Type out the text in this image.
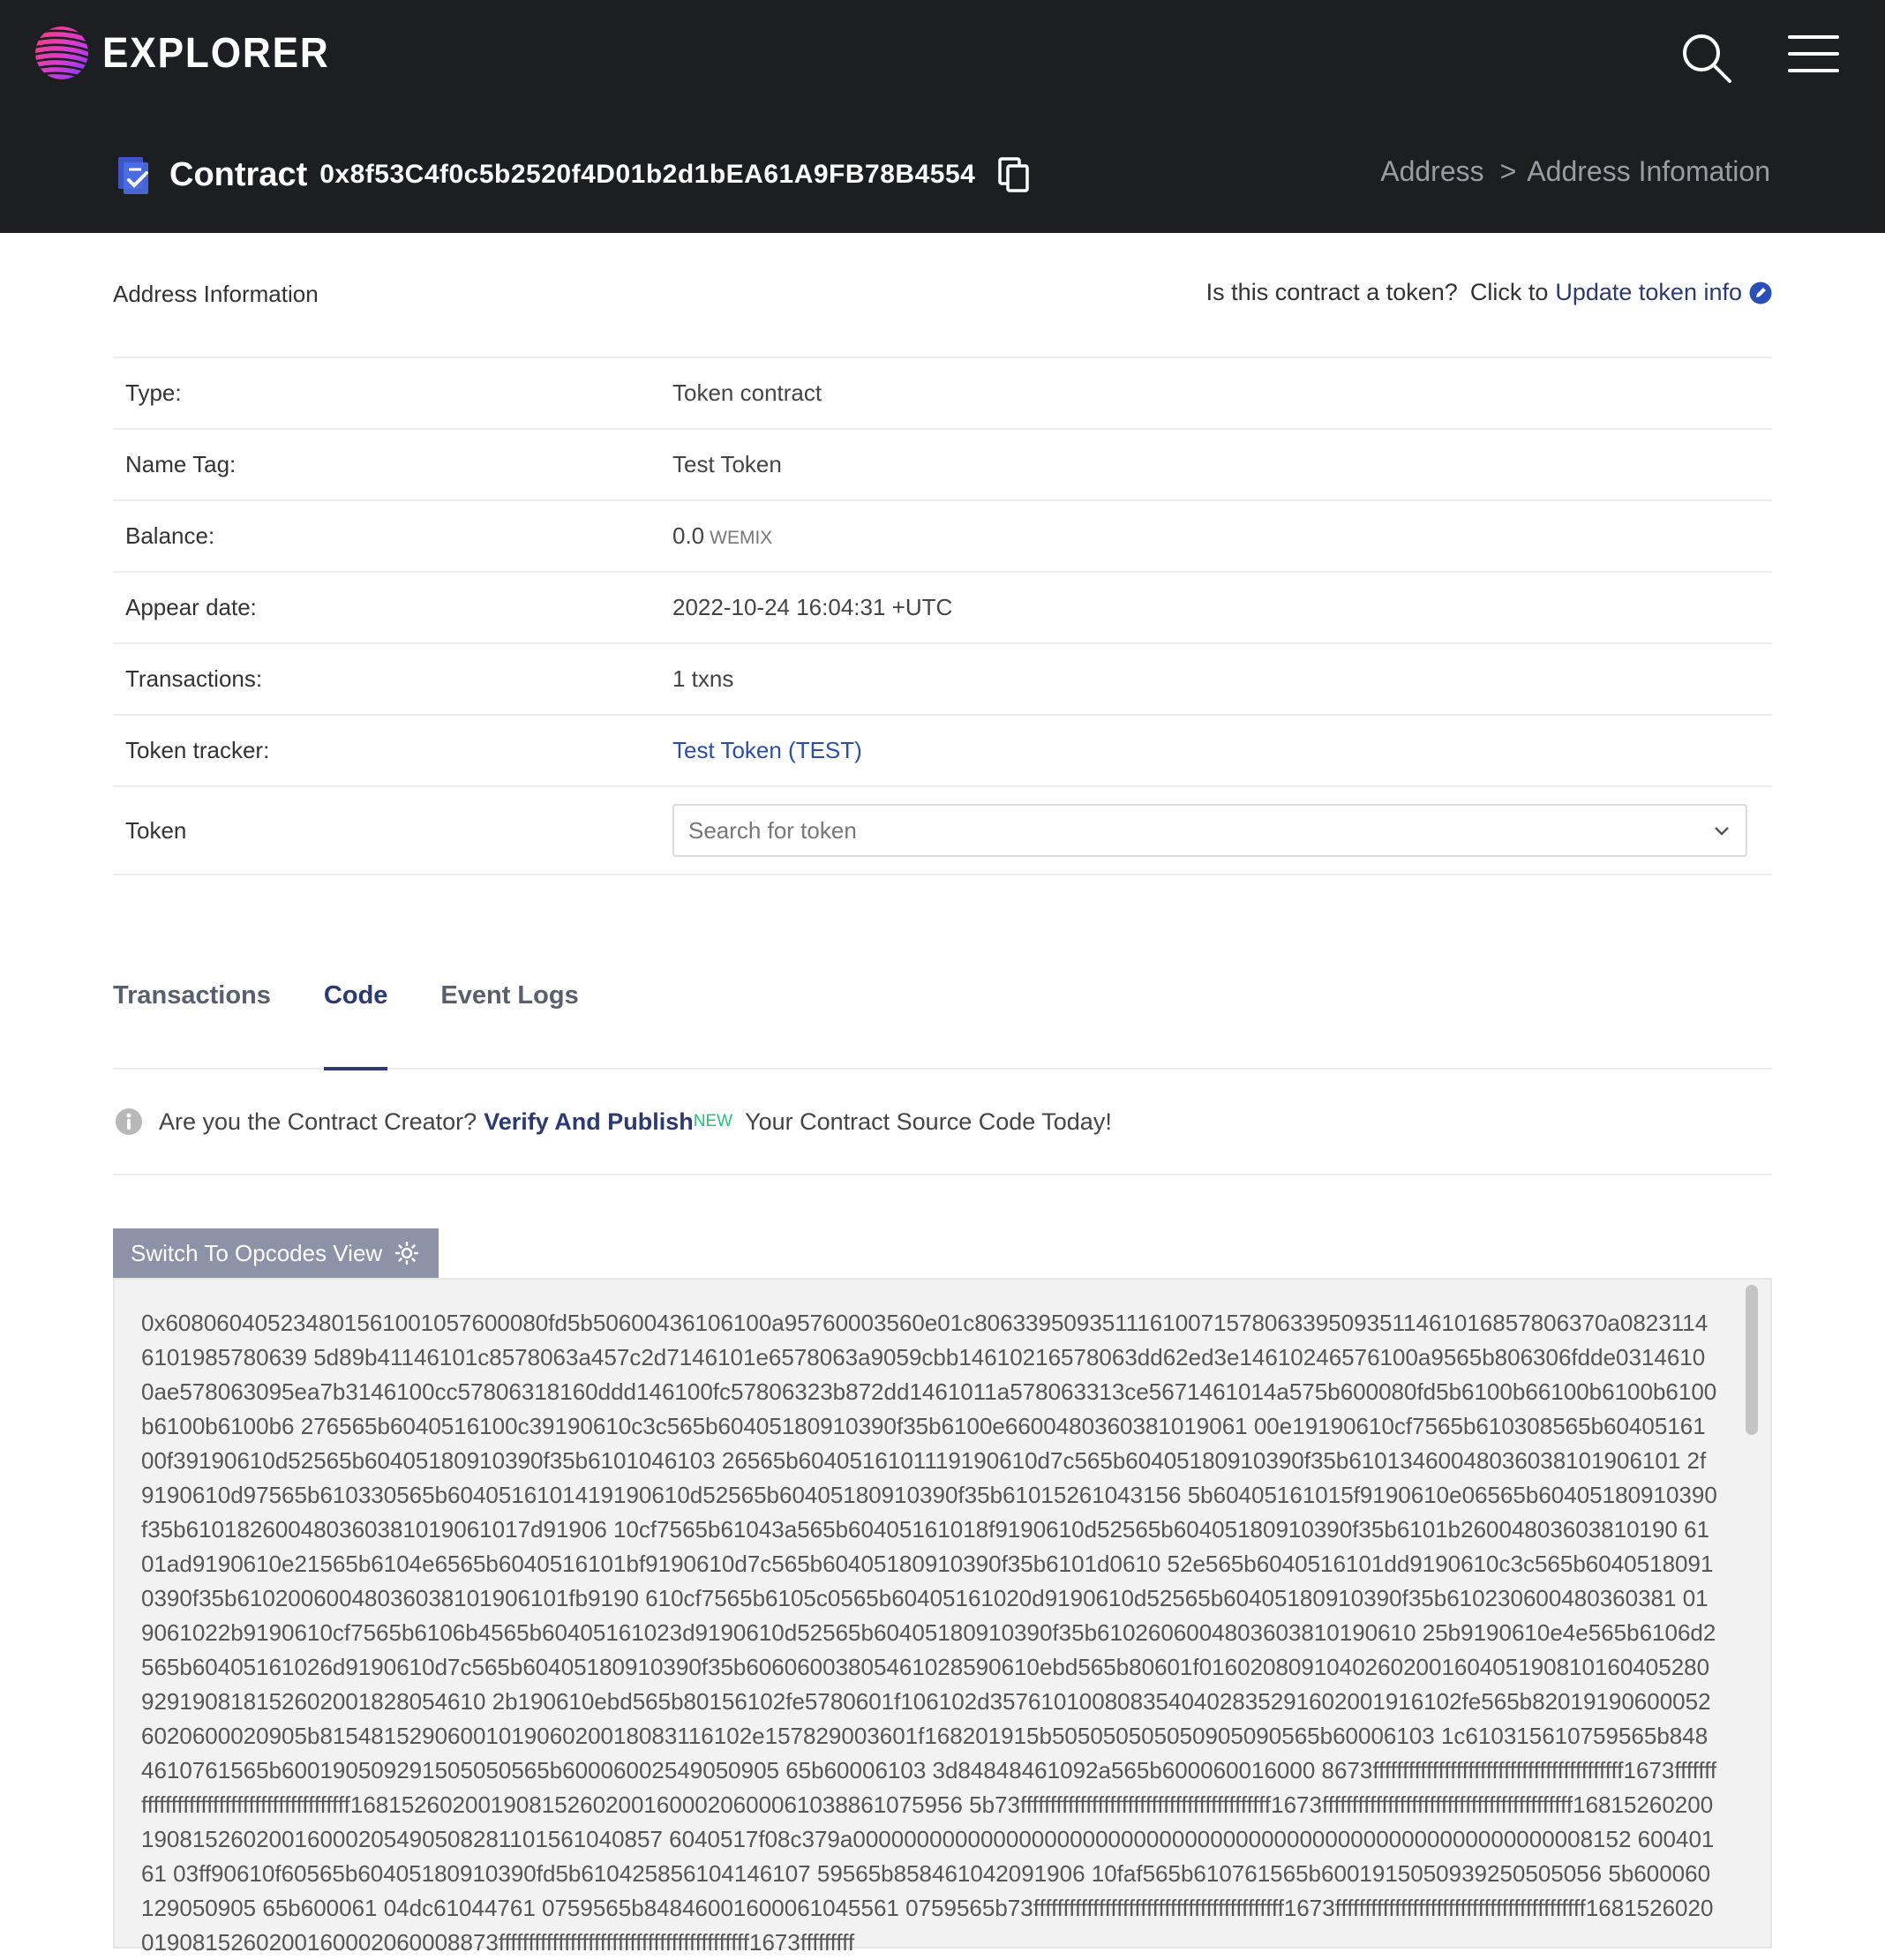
EXPLORER
Contract 0x8f53C4f0c5b2520f4D01b2d1bEA61A9FB78B4554	Address > Address Infomation
Address Information	Is this contract a token? Click to Update token info
Type:	Token contract
Name Tag:	Test Token
Balance:	0.0 WEMIX
Appear date:	2022-10-24 16:04:31 +UTC
Transactions:	1 txns
Token tracker:	Test Token (TEST)
Token	Search for token
Transactions Code Event Logs
Are you the Contract Creator? Verify And Publish NEW Your Contract Source Code Today!
Switch To Opcodes View
0x608060405234801561001057600080fd5b50600436106100a95760003560e01c80633950935111610071578063395093511461016857806370a08231146101985780639 5d89b41146101c8578063a457c2d7146101e6578063a9059cbb14610216578063dd62ed3e14610246576100a9565b806306fdde03146100ae578063095ea7b3146100cc57806318160ddd146100fc57806323b872dd1461011a578063313ce5671461014a575b600080fd5b6100b66100b6100b6100b6100b6100b6 276565b6040516100c39190610c3c565b60405180910390f35b6100e6600480360381019061 00e19190610cf7565b610308565b6040516100f39190610d52565b60405180910390f35b6101046103 26565b6040516101119190610d7c565b60405180910390f35b61013460048036038101906101 2f9190610d97565b610330565b6040516101419190610d52565b60405180910390f35b61015261043156 5b60405161015f9190610e06565b60405180910390f35b610182600480360381019061017d91906 10cf7565b61043a565b60405161018f9190610d52565b60405180910390f35b6101b26004803603810190 6101ad9190610e21565b6104e6565b6040516101bf9190610d7c565b60405180910390f35b6101d0610 52e565b6040516101dd9190610c3c565b60405180910390f35b61020060048036038101906101fb9190 610cf7565b6105c0565b60405161020d9190610d52565b60405180910390f35b610230600480360381 019061022b9190610cf7565b6106b4565b60405161023d9190610d52565b60405180910390f35b6102606004803603810190610 25b9190610e4e565b6106d2565b60405161026d9190610d7c565b60405180910390f35b60606003805461028590610ebd565b80601f0160208091040260200160405190810160405280929190818152602001828054610 2b190610ebd565b80156102fe5780601f106102d3576101008083540402835291602001916102fe565b820191906000526020600020905b8154815290600101906020018083116102e157829003601f168201915b505050505050905090565b60006103 1c610315610759565b8484610761565b600190509291505050565b60006002549050905 65b60006103 3d84848461092a565b600060016000 8673ffffffffffffffffffffffffffffffffffffffffff1673ffffffffffffffffffffffffffffffffffffffffff168152602001908152602001600020600061038861075956 5b73ffffffffffffffffffffffffffffffffffffffffff1673ffffffffffffffffffffffffffffffffffffffffff1681526020019081526020016000205490508281101561040857 6040517f08c379a0000000000000000000000000000000000000000000000000000000008152 60040161 03ff90610f60565b60405180910390fd5b610425856104146107 59565b858461042091906 10faf565b610761565b6001915050939250505056 5b600060129050905 65b600061 04dc61044761 0759565b84846001600061045561 0759565b73ffffffffffffffffffffffffffffffffffffffffff1673ffffffffffffffffffffffffffffffffffffffffff16815260200190815260200160002060008873ffffffffffffffffffffffffffffffffffffffffff1673fffffffff
